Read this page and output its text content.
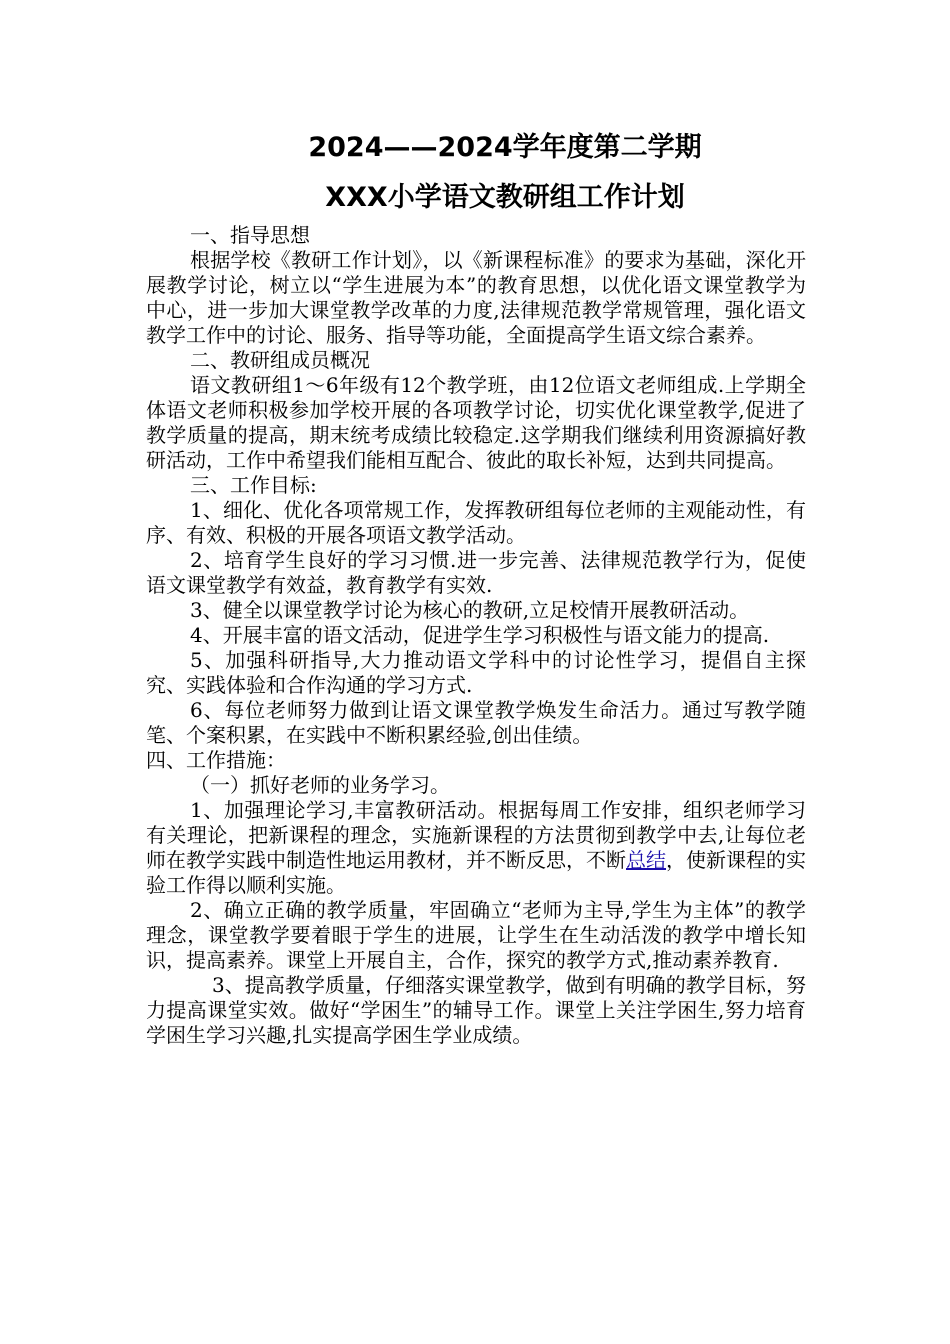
2024——2024学年度第二学期
XXX小学语文教研组工作计划

一、指导思想

根据学校《教研工作计划》，以《新课程标准》的要求为基础，深化开展教学讨论，树立以“学生进展为本”的教育思想，以优化语文课堂教学为中心，进一步加大课堂教学改革的力度,法律规范教学常规管理，强化语文教学工作中的讨论、服务、指导等功能，全面提高学生语文综合素养。

二、教研组成员概况

语文教研组1～6年级有12个教学班，由12位语文老师组成.上学期全体语文老师积极参加学校开展的各项教学讨论，切实优化课堂教学,促进了教学质量的提高，期末统考成绩比较稳定.这学期我们继续利用资源搞好教研活动，工作中希望我们能相互配合、彼此的取长补短，达到共同提高。

三、工作目标:

1、细化、优化各项常规工作，发挥教研组每位老师的主观能动性，有序、有效、积极的开展各项语文教学活动。

2、培育学生良好的学习习惯.进一步完善、法律规范教学行为，促使语文课堂教学有效益，教育教学有实效.

3、健全以课堂教学讨论为核心的教研,立足校情开展教研活动。

4、开展丰富的语文活动，促进学生学习积极性与语文能力的提高.

5、加强科研指导,大力推动语文学科中的讨论性学习，提倡自主探究、实践体验和合作沟通的学习方式.

6、每位老师努力做到让语文课堂教学焕发生命活力。通过写教学随笔、个案积累，在实践中不断积累经验,创出佳绩。

四、工作措施：

（一）抓好老师的业务学习。

1、加强理论学习,丰富教研活动。根据每周工作安排，组织老师学习有关理论，把新课程的理念，实施新课程的方法贯彻到教学中去,让每位老师在教学实践中制造性地运用教材，并不断反思，不断总结，使新课程的实验工作得以顺利实施。

2、确立正确的教学质量，牢固确立“老师为主导,学生为主体”的教学理念，课堂教学要着眼于学生的进展，让学生在生动活泼的教学中增长知识，提高素养。课堂上开展自主，合作，探究的教学方式,推动素养教育.

3、提高教学质量，仔细落实课堂教学，做到有明确的教学目标，努力提高课堂实效。做好“学困生”的辅导工作。课堂上关注学困生,努力培育学困生学习兴趣,扎实提高学困生学业成绩。
